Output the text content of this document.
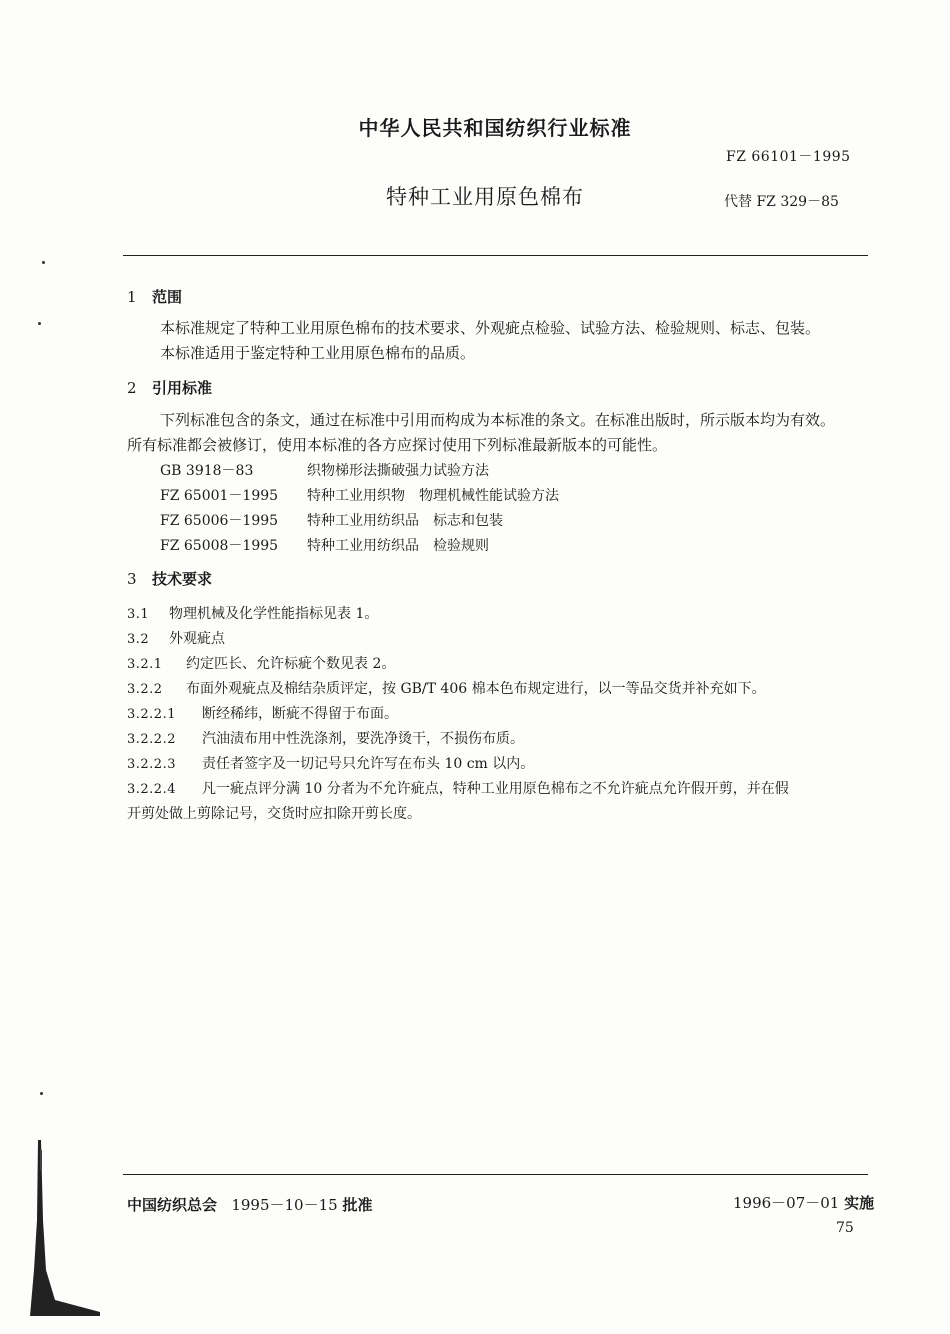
中华人民共和国纺织行业标准
FZ 66101－1995
特种工业用原色棉布	代替 FZ 329－85
1 范围
本标准规定了特种工业用原色棉布的技术要求、外观疵点检验、试验方法、检验规则、标志、包装。
本标准适用于鉴定特种工业用原色棉布的品质。
2 引用标准
下列标准包含的条文，通过在标准中引用而构成为本标准的条文。在标准出版时，所示版本均为有效。
所有标准都会被修订，使用本标准的各方应探讨使用下列标准最新版本的可能性。
GB 3918－83	织物梯形法撕破强力试验方法
FZ 65001－1995 特种工业用织物　物理机械性能试验方法
FZ 65006－1995 特种工业用纺织品　标志和包装
FZ 65008－1995 特种工业用纺织品　检验规则
3 技术要求
3.1 物理机械及化学性能指标见表 1。
3.2 外观疵点
3.2.1 约定匹长、允许标疵个数见表 2。
3.2.2 布面外观疵点及棉结杂质评定，按 GB/T 406 棉本色布规定进行，以一等品交货并补充如下。
3.2.2.1 断经稀纬，断疵不得留于布面。
3.2.2.2 汽油渍布用中性洗涤剂，要洗净烫干，不损伤布质。
3.2.2.3 责任者签字及一切记号只允许写在布头 10 cm 以内。
3.2.2.4 凡一疵点评分满 10 分者为不允许疵点，特种工业用原色棉布之不允许疵点允许假开剪，并在假
开剪处做上剪除记号，交货时应扣除开剪长度。
中国纺织总会 1995－10－15 批准	1996－07－01 实施
75
